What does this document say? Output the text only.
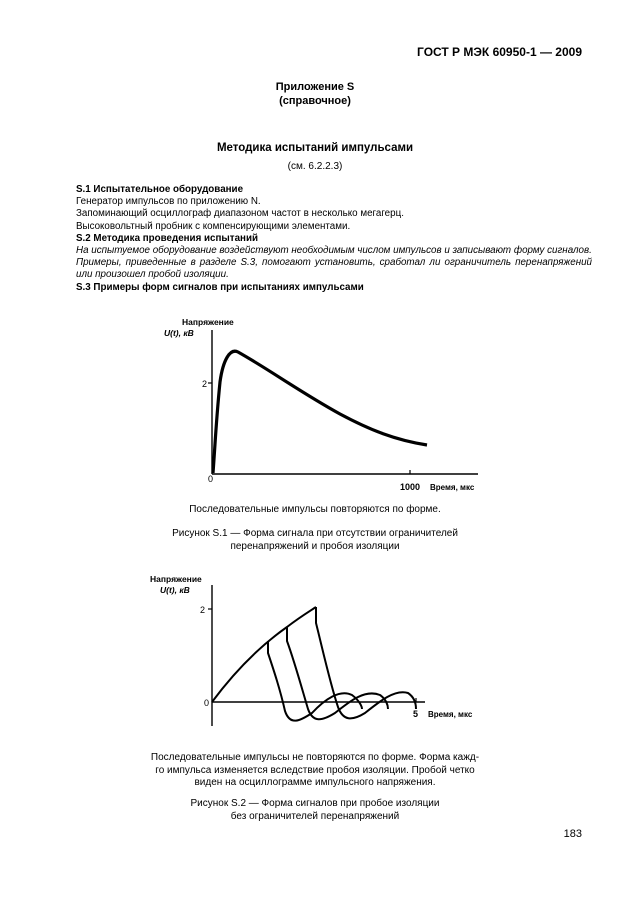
ГОСТ Р МЭК 60950-1 — 2009
Приложение S
(справочное)
Методика испытаний импульсами
(см. 6.2.2.3)
S.1 Испытательное оборудование
Генератор импульсов по приложению N.
Запоминающий осциллограф диапазоном частот в несколько мегагерц.
Высоковольтный пробник с компенсирующими элементами.
S.2 Методика проведения испытаний
На испытуемое оборудование воздействуют необходимым числом импульсов и записывают форму сигналов.
Примеры, приведенные в разделе S.3, помогают установить, сработал ли ограничитель перенапряжений или произошел пробой изоляции.
S.3 Примеры форм сигналов при испытаниях импульсами
Напряжение
U(t), кВ
2
0
1000 Время, мкс
Последовательные импульсы повторяются по форме.
Рисунок S.1 — Форма сигнала при отсутствии ограничителей
перенапряжений и пробоя изоляции
Напряжение
U(t), кВ
2
0
5 Время, мкс
Последовательные импульсы не повторяются по форме. Форма кажд-
го импульса изменяется вследствие пробоя изоляции. Пробой четко
виден на осциллограмме импульсного напряжения.
Рисунок S.2 — Форма сигналов при пробое изоляции
без ограничителей перенапряжений
183
